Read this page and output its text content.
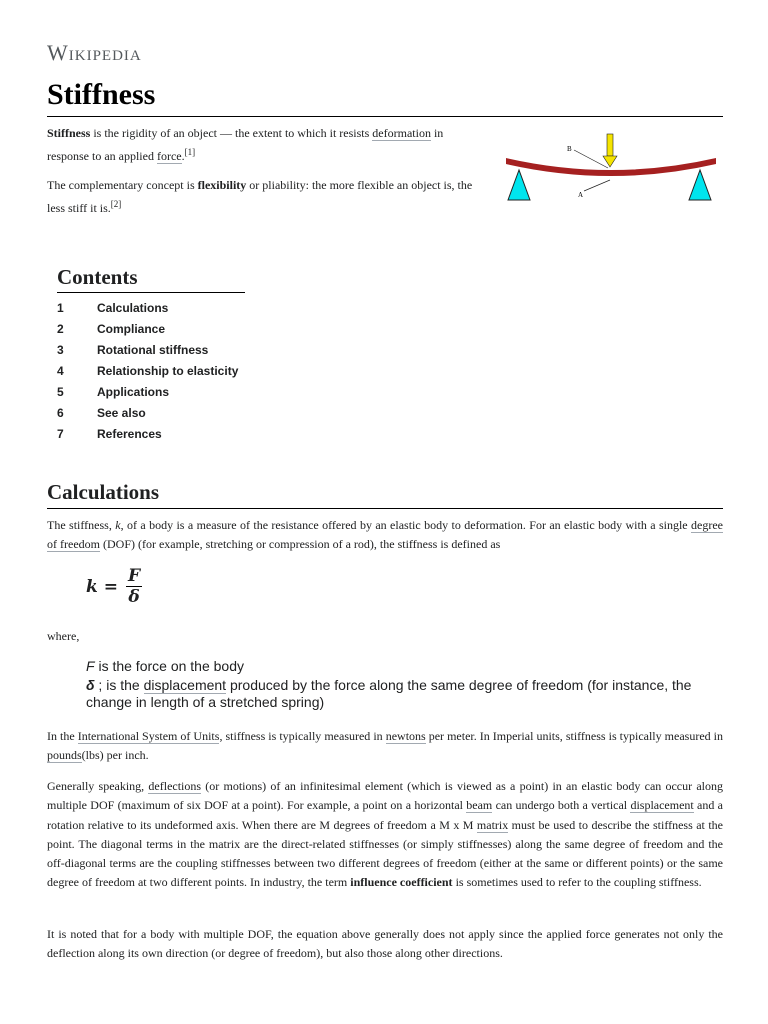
Wikipedia
Stiffness

Stiffness is the rigidity of an object — the extent to which it resists deformation in response to an applied force.[1]

The complementary concept is flexibility or pliability: the more flexible an object is, the less stiff it is.[2]

B
A
Contents
1	Calculations
2	Compliance
3	Rotational stiffness
4	Relationship to elasticity
5	Applications
6	See also
7	References
Calculations

The stiffness, k, of a body is a measure of the resistance offered by an elastic body to deformation. For an elastic body with a single degree of freedom (DOF) (for example, stretching or compression of a rod), the stiffness is defined as

$k = \frac{F}{\delta}$

where,

F is the force on the body
δ ; is the displacement produced by the force along the same degree of freedom (for instance, the change in length of a stretched spring)

In the International System of Units, stiffness is typically measured in newtons per meter. In Imperial units, stiffness is typically measured in pounds(lbs) per inch.

Generally speaking, deflections (or motions) of an infinitesimal element (which is viewed as a point) in an elastic body can occur along multiple DOF (maximum of six DOF at a point). For example, a point on a horizontal beam can undergo both a vertical displacement and a rotation relative to its undeformed axis. When there are M degrees of freedom a M x M matrix must be used to describe the stiffness at the point. The diagonal terms in the matrix are the direct-related stiffnesses (or simply stiffnesses) along the same degree of freedom and the off-diagonal terms are the coupling stiffnesses between two different degrees of freedom (either at the same or different points) or the same degree of freedom at two different points. In industry, the term influence coefficient is sometimes used to refer to the coupling stiffness.

It is noted that for a body with multiple DOF, the equation above generally does not apply since the applied force generates not only the deflection along its own direction (or degree of freedom), but also those along other directions.
